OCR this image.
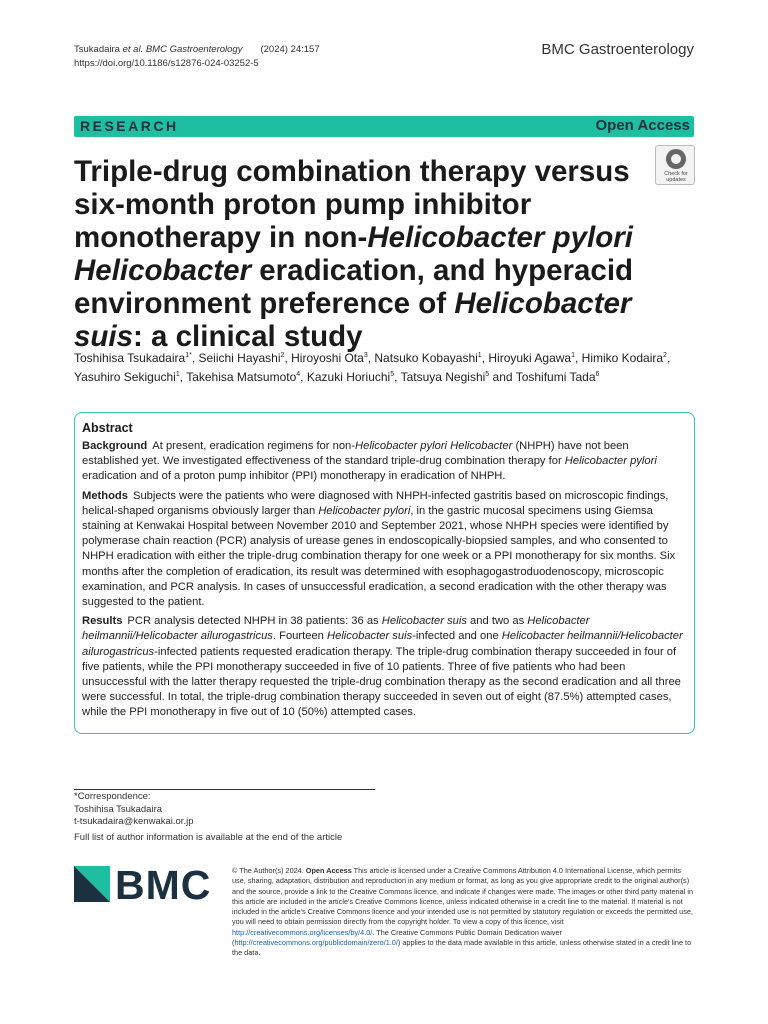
Tsukadaira et al. BMC Gastroenterology (2024) 24:157
https://doi.org/10.1186/s12876-024-03252-5
BMC Gastroenterology
RESEARCH	Open Access
Check for updates
Triple-drug combination therapy versus six-month proton pump inhibitor monotherapy in non-Helicobacter pylori Helicobacter eradication, and hyperacid environment preference of Helicobacter suis: a clinical study
Toshihisa Tsukadaira$^{1*}$, Seiichi Hayashi$^2$, Hiroyoshi Ota$^3$, Natsuko Kobayashi$^1$, Hiroyuki Agawa$^1$, Himiko Kodaira$^2$,
Yasuhiro Sekiguchi$^1$, Takehisa Matsumoto$^4$, Kazuki Horiuchi$^5$, Tatsuya Negishi$^5$ and Toshifumi Tada$^6$
Abstract

Background At present, eradication regimens for non-Helicobacter pylori Helicobacter (NHPH) have not been established yet. We investigated effectiveness of the standard triple-drug combination therapy for Helicobacter pylori eradication and of a proton pump inhibitor (PPI) monotherapy in eradication of NHPH.

Methods Subjects were the patients who were diagnosed with NHPH-infected gastritis based on microscopic findings, helical-shaped organisms obviously larger than Helicobacter pylori, in the gastric mucosal specimens using Giemsa staining at Kenwakai Hospital between November 2010 and September 2021, whose NHPH species were identified by polymerase chain reaction (PCR) analysis of urease genes in endoscopically-biopsied samples, and who consented to NHPH eradication with either the triple-drug combination therapy for one week or a PPI monotherapy for six months. Six months after the completion of eradication, its result was determined with esophagogastroduodenoscopy, microscopic examination, and PCR analysis. In cases of unsuccessful eradication, a second eradication with the other therapy was suggested to the patient.

Results PCR analysis detected NHPH in 38 patients: 36 as Helicobacter suis and two as Helicobacter heilmannii/Helicobacter ailurogastricus. Fourteen Helicobacter suis-infected and one Helicobacter heilmannii/Helicobacter ailurogastricus-infected patients requested eradication therapy. The triple-drug combination therapy succeeded in four of five patients, while the PPI monotherapy succeeded in five of 10 patients. Three of five patients who had been unsuccessful with the latter therapy requested the triple-drug combination therapy as the second eradication and all three were successful. In total, the triple-drug combination therapy succeeded in seven out of eight (87.5%) attempted cases, while the PPI monotherapy in five out of 10 (50%) attempted cases.

*Correspondence:
Toshihisa Tsukadaira
t-tsukadaira@kenwakai.or.jp
Full list of author information is available at the end of the article
BMC	© The Author(s) 2024. Open Access This article is licensed under a Creative Commons Attribution 4.0 International License, which permits use, sharing, adaptation, distribution and reproduction in any medium or format, as long as you give appropriate credit to the original author(s) and the source, provide a link to the Creative Commons licence, and indicate if changes were made. The images or other third party material in this article are included in the article's Creative Commons licence, unless indicated otherwise in a credit line to the material. If material is not included in the article's Creative Commons licence and your intended use is not permitted by statutory regulation or exceeds the permitted use, you will need to obtain permission directly from the copyright holder. To view a copy of this licence, visit http://creativecommons.org/licenses/by/4.0/. The Creative Commons Public Domain Dedication waiver (http://creativecommons.org/publicdomain/zero/1.0/) applies to the data made available in this article, unless otherwise stated in a credit line to the data.
